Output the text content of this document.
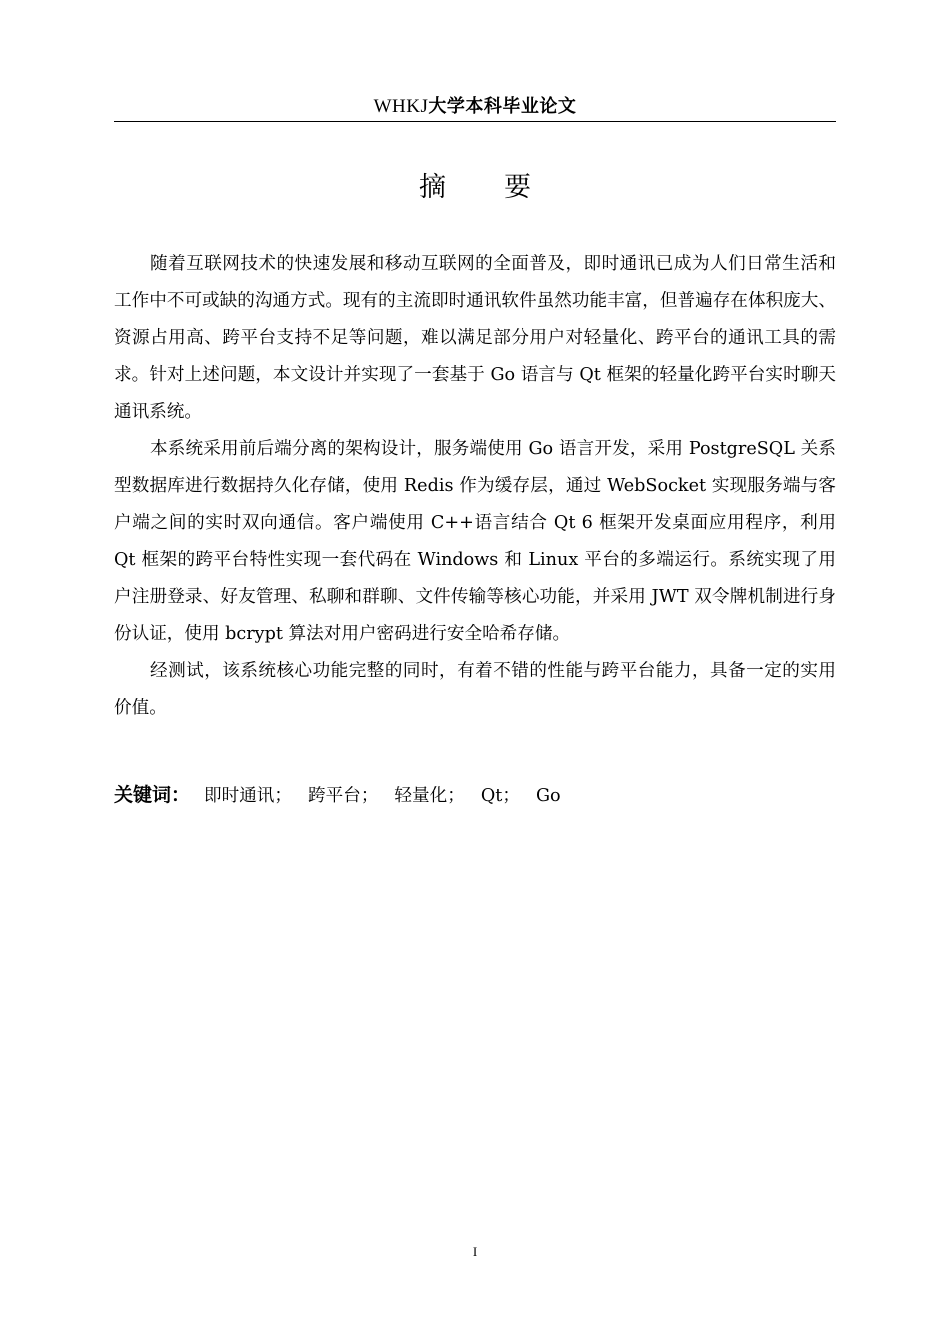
WHKJ大学本科毕业论文
摘 要

随着互联网技术的快速发展和移动互联网的全面普及，即时通讯已成为人们日常生活和工作中不可或缺的沟通方式。现有的主流即时通讯软件虽然功能丰富，但普遍存在体积庞大、资源占用高、跨平台支持不足等问题，难以满足部分用户对轻量化、跨平台的通讯工具的需求。针对上述问题，本文设计并实现了一套基于 Go 语言与 Qt 框架的轻量化跨平台实时聊天通讯系统。

本系统采用前后端分离的架构设计，服务端使用 Go 语言开发，采用 PostgreSQL 关系型数据库进行数据持久化存储，使用 Redis 作为缓存层，通过 WebSocket 实现服务端与客户端之间的实时双向通信。客户端使用 C++语言结合 Qt 6 框架开发桌面应用程序，利用 Qt 框架的跨平台特性实现一套代码在 Windows 和 Linux 平台的多端运行。系统实现了用户注册登录、好友管理、私聊和群聊、文件传输等核心功能，并采用 JWT 双令牌机制进行身份认证，使用 bcrypt 算法对用户密码进行安全哈希存储。

经测试，该系统核心功能完整的同时，有着不错的性能与跨平台能力，具备一定的实用价值。

关键词： 即时通讯； 跨平台； 轻量化； Qt； Go
I
